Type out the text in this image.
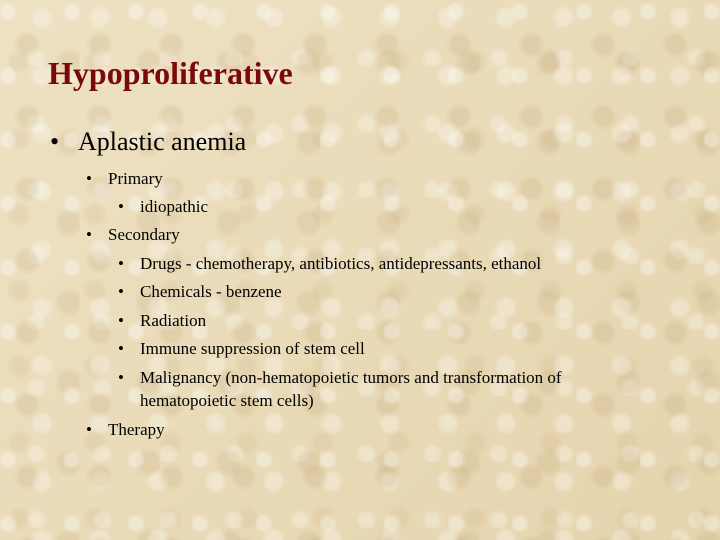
Hypoproliferative

• Aplastic anemia

• Primary

• idiopathic

• Secondary

• Drugs - chemotherapy, antibiotics, antidepressants, ethanol

• Chemicals - benzene

• Radiation

• Immune suppression of stem cell

• Malignancy (non-hematopoietic tumors and transformation of hematopoietic stem cells)

• Therapy
